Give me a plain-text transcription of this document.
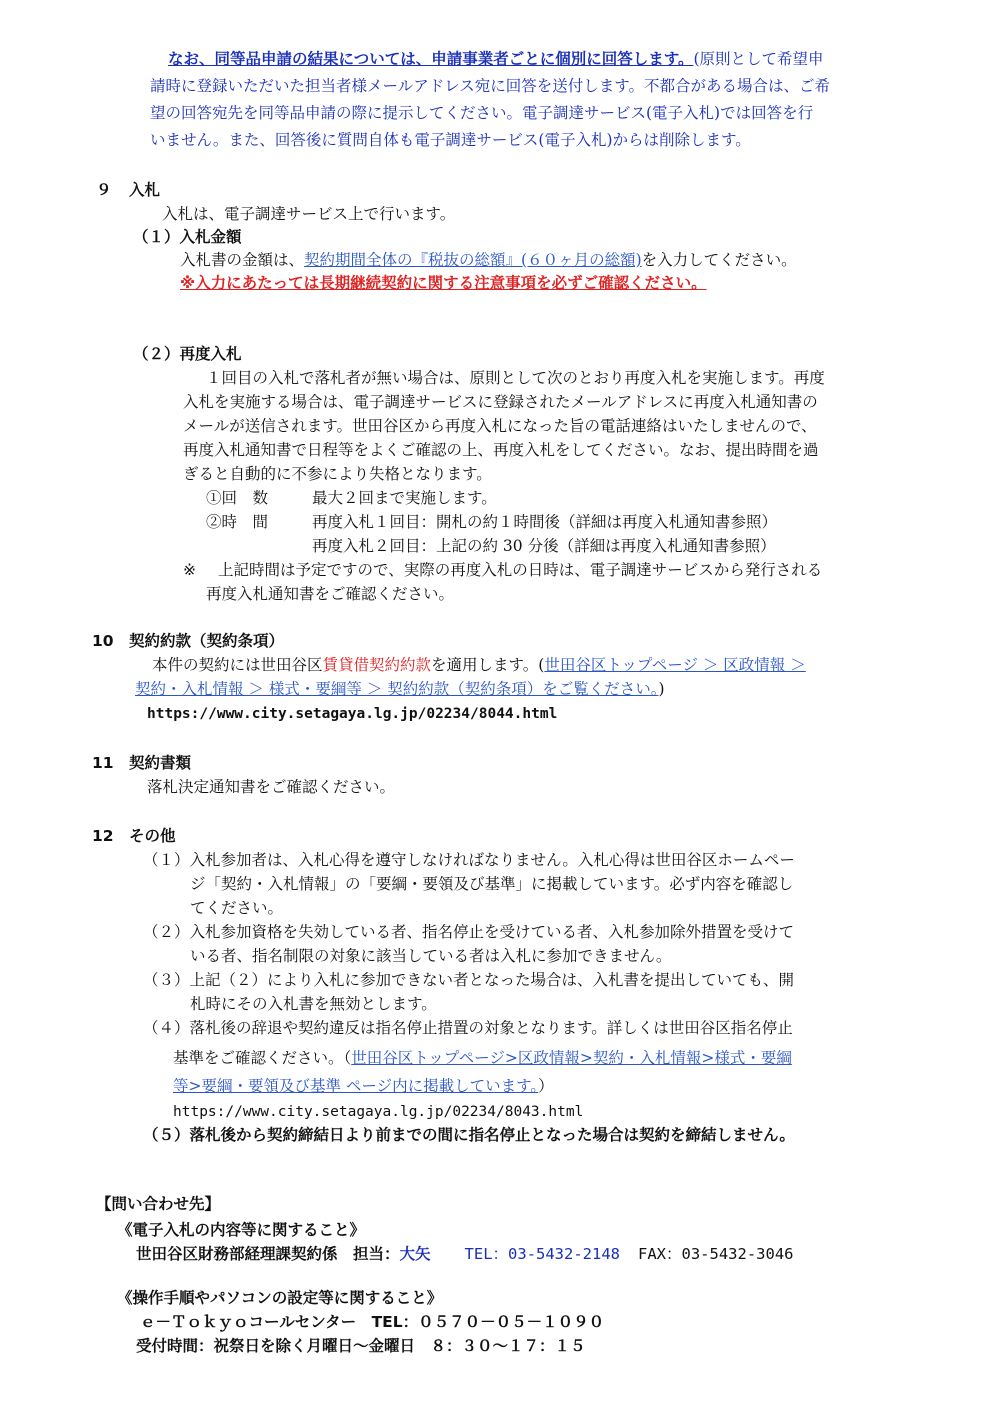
なお、同等品申請の結果については、申請事業者ごとに個別に回答します。(原則として希望申
請時に登録いただいた担当者様メールアドレス宛に回答を送付します。不都合がある場合は、ご希
望の回答宛先を同等品申請の際に提示してください。電子調達サービス(電子入札)では回答を行
いません。また、回答後に質問自体も電子調達サービス(電子入札)からは削除します。
９ 入札
入札は、電子調達サービス上で行います。
（１）入札金額
入札書の金額は、契約期間全体の『税抜の総額』(６０ヶ月の総額)を入力してください。
※入力にあたっては長期継続契約に関する注意事項を必ずご確認ください。
（２）再度入札
１回目の入札で落札者が無い場合は、原則として次のとおり再度入札を実施します。再度
入札を実施する場合は、電子調達サービスに登録されたメールアドレスに再度入札通知書の
メールが送信されます。世田谷区から再度入札になった旨の電話連絡はいたしませんので、
再度入札通知書で日程等をよくご確認の上、再度入札をしてください。なお、提出時間を過
ぎると自動的に不参により失格となります。
①回　数	最大２回まで実施します。
②時　間	再度入札１回目：開札の約１時間後（詳細は再度入札通知書参照）
再度入札２回目：上記の約 30 分後（詳細は再度入札通知書参照）
※ 上記時間は予定ですので、実際の再度入札の日時は、電子調達サービスから発行される
再度入札通知書をご確認ください。
10 契約約款（契約条項）
本件の契約には世田谷区賃貸借契約約款を適用します。(世田谷区トップページ ＞ 区政情報 ＞
契約・入札情報 ＞ 様式・要綱等 ＞ 契約約款（契約条項）をご覧ください。)
https://www.city.setagaya.lg.jp/02234/8044.html
11 契約書類
落札決定通知書をご確認ください。
12 その他
（１）入札参加者は、入札心得を遵守しなければなりません。入札心得は世田谷区ホームペー
ジ「契約・入札情報」の「要綱・要領及び基準」に掲載しています。必ず内容を確認し
てください。
（２）入札参加資格を失効している者、指名停止を受けている者、入札参加除外措置を受けて
いる者、指名制限の対象に該当している者は入札に参加できません。
（３）上記（２）により入札に参加できない者となった場合は、入札書を提出していても、開
札時にその入札書を無効とします。
（４）落札後の辞退や契約違反は指名停止措置の対象となります。詳しくは世田谷区指名停止
基準をご確認ください。（世田谷区トップページ>区政情報>契約・入札情報>様式・要綱
等>要綱・要領及び基準 ページ内に掲載しています。）
https://www.city.setagaya.lg.jp/02234/8043.html
（５）落札後から契約締結日より前までの間に指名停止となった場合は契約を締結しません。
【問い合わせ先】
《電子入札の内容等に関すること》
世田谷区財務部経理課契約係　担当：大矢 TEL：03-5432-2148 FAX：03-5432-3046
《操作手順やパソコンの設定等に関すること》
ｅ－Ｔｏｋｙｏコールセンター　TEL：０５７０－０５－１０９０
受付時間：祝祭日を除く月曜日～金曜日　８：３０～１７：１５
